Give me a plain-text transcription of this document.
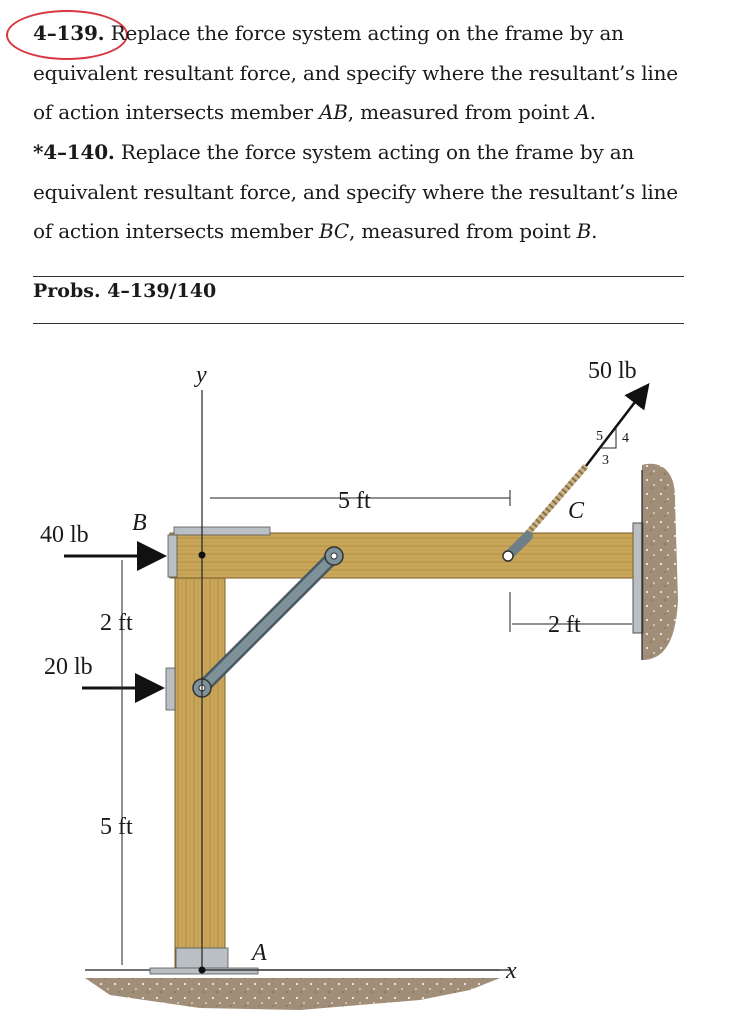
4–139. Replace the force system acting on the frame by an
equivalent resultant force, and specify where the resultant’s line
of action intersects member AB, measured from point A.
*4–140. Replace the force system acting on the frame by an
equivalent resultant force, and specify where the resultant’s line
of action intersects member BC, measured from point B.
Probs. 4–139/140
y
x
A
B	C
40 lb
20 lb
50 lb
5 ft
2 ft
5 ft
2 ft
5 4
3
